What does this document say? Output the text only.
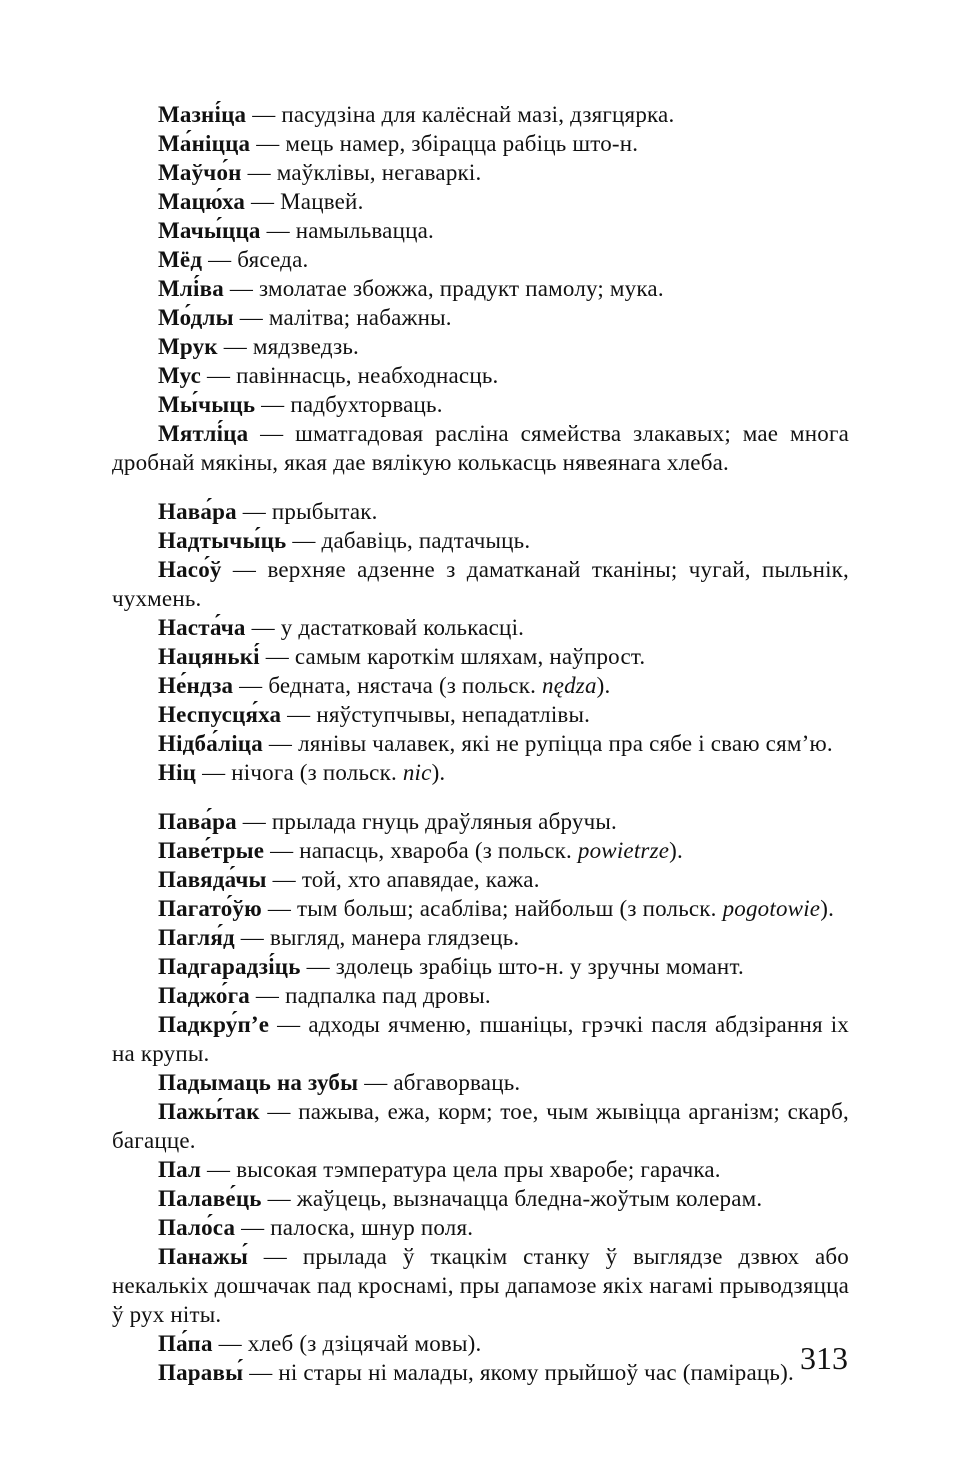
Мазні́ца — пасудзіна для калёснай мазі, дзягцярка.

Ма́ніцца — мець намер, збірацца рабіць што-н.

Маўчо́н — маўклівы, негаваркі.

Мацю́ха — Мацвей.

Мачы́цца — намыльвацца.

Мёд — бяседа.

Млі́ва — змолатае збожжа, прадукт памолу; мука.

Мо́длы — малітва; набажны.

Мрук — мядзведзь.

Мус — павіннасць, неабходнасць.

Мы́чыць — падбухторваць.

Мятлі́ца — шматгадовая расліна сямейства злакавых; мае многа дробнай мякіны, якая дае вялікую колькасць нявеянага хлеба.

Нава́ра — прыбытак.

Надтычы́ць — дабавіць, падтачыць.

Насо́ў — верхняе адзенне з даматканай тканіны; чугай, пыльнік, чухмень.

Наста́ча — у дастатковай колькасці.

Нацянькі́ — самым кароткім шляхам, наўпрост.

Не́ндза — бедната, нястача (з польск. nędza).

Неспусця́ха — няўступчывы, непадатлівы.

Нідба́ліца — лянівы чалавек, які не рупіцца пра сябе і сваю сям’ю.

Ніц — нічога (з польск. nic).

Пава́ра — прылада гнуць драўляныя абручы.

Паве́трые — напасць, хвароба (з польск. powietrze).

Павяда́чы — той, хто апавядае, кажа.

Пагато́ўю — тым больш; асабліва; найбольш (з польск. pogotowie).

Пагля́д — выгляд, манера глядзець.

Падгарадзі́ць — здолець зрабіць што-н. у зручны момант.

Паджо́га — падпалка пад дровы.

Падкру́п’е — адходы ячменю, пшаніцы, грэчкі пасля абдзірання іх на крупы.

Падымаць на зубы — абгаворваць.

Пажы́так — пажыва, ежа, корм; тое, чым жывіцца арганізм; скарб, багацце.

Пал — высокая тэмпература цела пры хваробе; гарачка.

Палаве́ць — жаўцець, вызначацца бледна-жоўтым колерам.

Пало́са — палоска, шнур поля.

Панажы́ — прылада ў ткацкім станку ў выглядзе дзвюх або некалькіх дошчачак пад кроснамі, пры дапамозе якіх нагамі прыводзяцца ў рух ніты.

Па́па — хлеб (з дзіцячай мовы).

Паравы́ — ні стары ні малады, якому прыйшоў час (паміраць). 313
